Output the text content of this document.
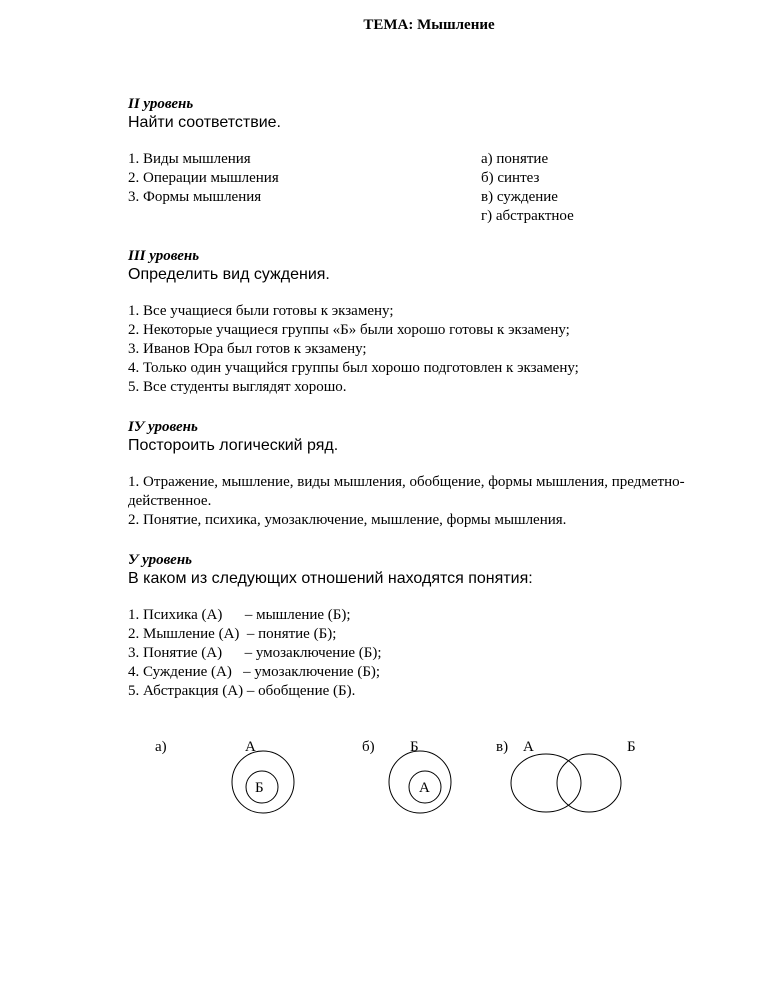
ТЕМА: Мышление
II уровень
Найти соответствие.
1. Виды мышления
2. Операции мышления
3. Формы мышления
а) понятие
б) синтез
в) суждение
г) абстрактное
III уровень
Определить вид суждения.
1. Все учащиеся были готовы к экзамену;
2. Некоторые учащиеся группы «Б» были хорошо готовы к экзамену;
3. Иванов Юра был готов к экзамену;
4. Только один учащийся группы был хорошо подготовлен к экзамену;
5. Все студенты выглядят хорошо.
IУ уровень
Постороить логический ряд.
1. Отражение, мышление, виды мышления, обобщение, формы мышления, предметно-действенное.
2. Понятие, психика, умозаключение, мышление, формы мышления.
У уровень
В каком из следующих отношений находятся понятия:
1. Психика (А)      – мышление (Б);
2. Мышление (А)  – понятие (Б);
3. Понятие (А)      – умозаключение (Б);
4. Суждение (А)   – умозаключение (Б);
5. Абстракция (А) – обобщение (Б).
а)	А
Б
б) Б
А
в) А	Б
